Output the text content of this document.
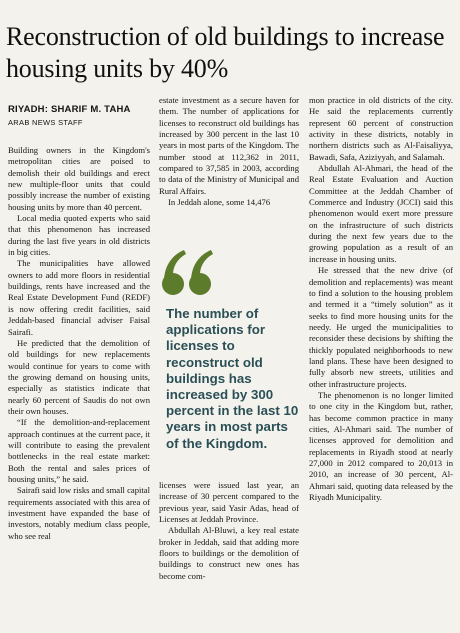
Reconstruction of old buildings to increase housing units by 40%
RIYADH: SHARIF M. TAHA
ARAB NEWS STAFF

Building owners in the Kingdom's metropolitan cities are poised to demolish their old buildings and erect new multiple-floor units that could possibly increase the number of existing housing units by more than 40 percent.

Local media quoted experts who said that this phenomenon has increased during the last five years in old districts in big cities.

The municipalities have allowed owners to add more floors in residential buildings, rents have increased and the Real Estate Development Fund (REDF) is now offering credit facilities, said Jeddah-based financial adviser Faisal Sairafi.

He predicted that the demolition of old buildings for new replacements would continue for years to come with the growing demand on housing units, especially as statistics indicate that nearly 60 percent of Saudis do not own their own houses.

“If the demolition-and-replacement approach continues at the current pace, it will contribute to easing the prevalent bottlenecks in the real estate market: Both the rental and sales prices of housing units,” he said.

Sairafi said low risks and small capital requirements associated with this area of investment have expanded the base of investors, notably medium class people, who see real

estate investment as a secure haven for them. The number of applications for licenses to reconstruct old buildings has increased by 300 percent in the last 10 years in most parts of the Kingdom. The number stood at 112,362 in 2011, compared to 37,585 in 2003, according to data of the Ministry of Municipal and Rural Affairs.

In Jeddah alone, some 14,476

The number of applications for licenses to reconstruct old buildings has increased by 300 percent in the last 10 years in most parts of the Kingdom.

licenses were issued last year, an increase of 30 percent compared to the previous year, said Yasir Adas, head of Licenses at Jeddah Province.

Abdullah Al-Bluwi, a key real estate broker in Jeddah, said that adding more floors to buildings or the demolition of buildings to construct new ones has become com-

mon practice in old districts of the city. He said the replacements currently represent 60 percent of construction activity in these districts, notably in northern districts such as Al-Faisaliyya, Bawadi, Safa, Aziziyyah, and Salamah.

Abdullah Al-Ahmari, the head of the Real Estate Evaluation and Auction Committee at the Jeddah Chamber of Commerce and Industry (JCCI) said this phenomenon would exert more pressure on the infrastructure of such districts during the next few years due to the growing population as a result of an increase in housing units.

He stressed that the new drive (of demolition and replacements) was meant to find a solution to the housing problem and termed it a “timely solution” as it seeks to find more housing units for the needy. He urged the municipalities to reconsider these decisions by shifting the thickly populated neighborhoods to new land plans. These have been designed to fully absorb new streets, utilities and other infrastructure projects.

The phenomenon is no longer limited to one city in the Kingdom but, rather, has become common practice in many cities, Al-Ahmari said. The number of licenses approved for demolition and replacements in Riyadh stood at nearly 27,000 in 2012 compared to 20,013 in 2010, an increase of 30 percent, Al-Ahmari said, quoting data released by the Riyadh Municipality.
